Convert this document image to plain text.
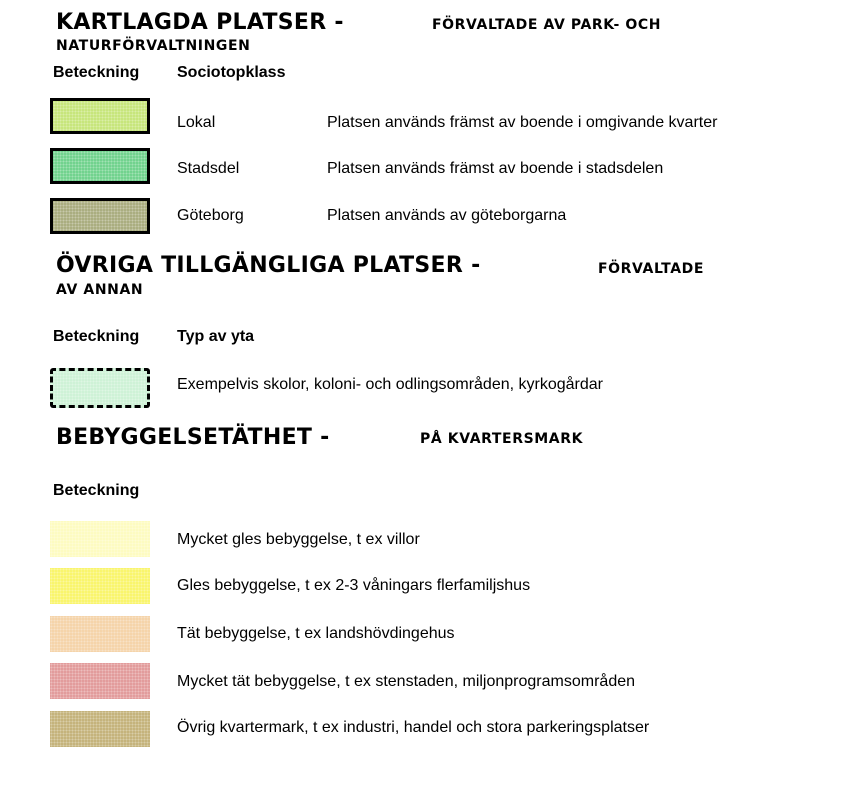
KARTLAGDA PLATSER -	FÖRVALTADE AV PARK- OCH
NATURFÖRVALTNINGEN
Beteckning Sociotopklass
Lokal	Platsen används främst av boende i omgivande kvarter
Stadsdel	Platsen används främst av boende i stadsdelen
Göteborg	Platsen används av göteborgarna
ÖVRIGA TILLGÄNGLIGA PLATSER -	FÖRVALTADE
AV ANNAN
Beteckning Typ av yta
Exempelvis skolor, koloni- och odlingsområden, kyrkogårdar
BEBYGGELSETÄTHET -	PÅ KVARTERSMARK
Beteckning
Mycket gles bebyggelse, t ex villor
Gles bebyggelse, t ex 2-3 våningars flerfamiljshus
Tät bebyggelse, t ex landshövdingehus
Mycket tät bebyggelse, t ex stenstaden, miljonprogramsområden
Övrig kvartermark, t ex industri, handel och stora parkeringsplatser
